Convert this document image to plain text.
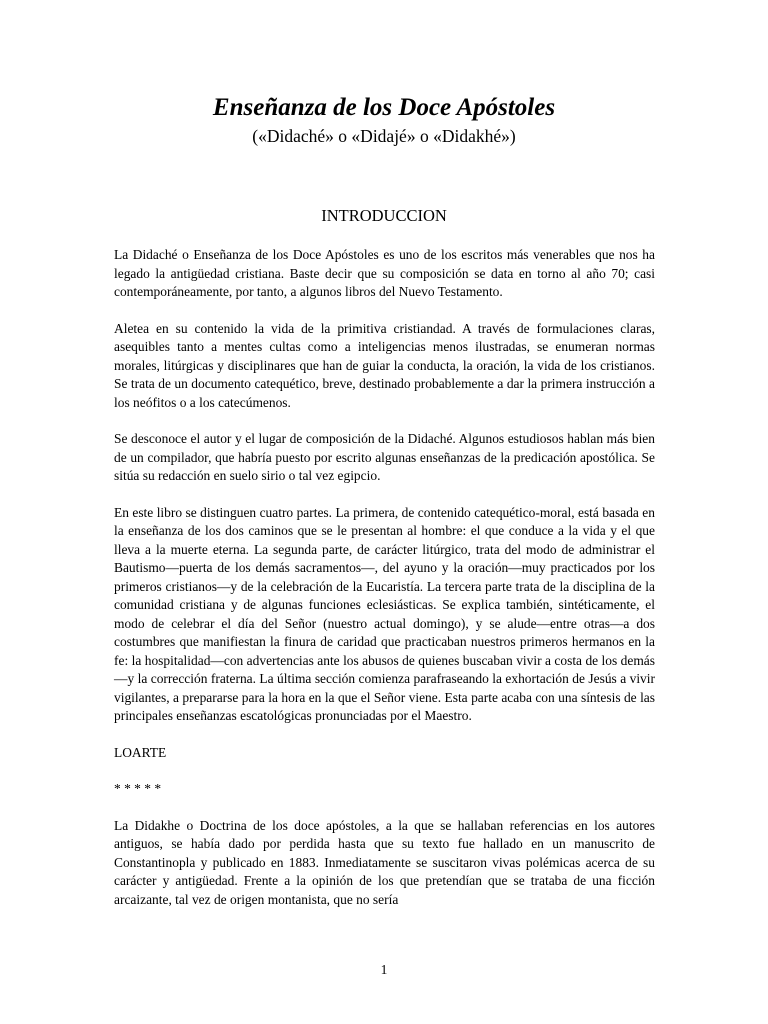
Enseñanza de los Doce Apóstoles
(«Didaché» o «Didajé» o «Didakhé»)
INTRODUCCION

La Didaché o Enseñanza de los Doce Apóstoles es uno de los escritos más venerables que nos ha legado la antigüedad cristiana. Baste decir que su composición se data en torno al año 70; casi contemporáneamente, por tanto, a algunos libros del Nuevo Testamento.

Aletea en su contenido la vida de la primitiva cristiandad. A través de formulaciones claras, asequibles tanto a mentes cultas como a inteligencias menos ilustradas, se enumeran normas morales, litúrgicas y disciplinares que han de guiar la conducta, la oración, la vida de los cristianos. Se trata de un documento catequético, breve, destinado probablemente a dar la primera instrucción a los neófitos o a los catecúmenos.

Se desconoce el autor y el lugar de composición de la Didaché. Algunos estudiosos hablan más bien de un compilador, que habría puesto por escrito algunas enseñanzas de la predicación apostólica. Se sitúa su redacción en suelo sirio o tal vez egipcio.

En este libro se distinguen cuatro partes. La primera, de contenido catequético-moral, está basada en la enseñanza de los dos caminos que se le presentan al hombre: el que conduce a la vida y el que lleva a la muerte eterna. La segunda parte, de carácter litúrgico, trata del modo de administrar el Bautismo—puerta de los demás sacramentos—, del ayuno y la oración—muy practicados por los primeros cristianos—y de la celebración de la Eucaristía. La tercera parte trata de la disciplina de la comunidad cristiana y de algunas funciones eclesiásticas. Se explica también, sintéticamente, el modo de celebrar el día del Señor (nuestro actual domingo), y se alude—entre otras—a dos costumbres que manifiestan la finura de caridad que practicaban nuestros primeros hermanos en la fe: la hospitalidad—con advertencias ante los abusos de quienes buscaban vivir a costa de los demás—y la corrección fraterna. La última sección comienza parafraseando la exhortación de Jesús a vivir vigilantes, a prepararse para la hora en la que el Señor viene. Esta parte acaba con una síntesis de las principales enseñanzas escatológicas pronunciadas por el Maestro.

LOARTE

* * * * *

La Didakhe o Doctrina de los doce apóstoles, a la que se hallaban referencias en los autores antiguos, se había dado por perdida hasta que su texto fue hallado en un manuscrito de Constantinopla y publicado en 1883. Inmediatamente se suscitaron vivas polémicas acerca de su carácter y antigüedad. Frente a la opinión de los que pretendían que se trataba de una ficción arcaizante, tal vez de origen montanista, que no sería

1
